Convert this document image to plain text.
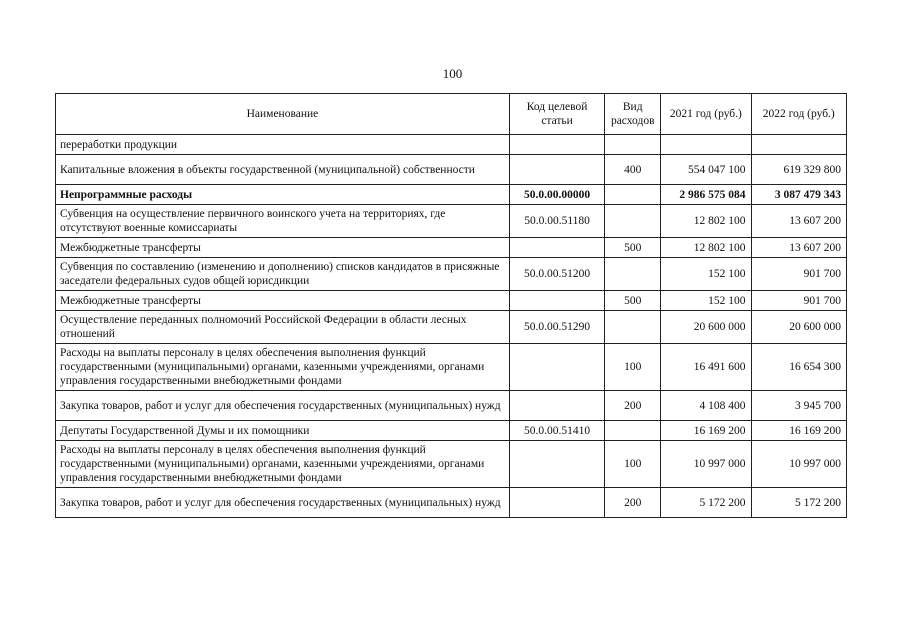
100
Наименование	Код целевой статьи	Вид расходов	2021 год (руб.)	2022 год (руб.)
переработки продукции				
Капитальные вложения в объекты государственной (муниципальной) собственности		400	554 047 100	619 329 800
Непрограммные расходы	50.0.00.00000		2 986 575 084	3 087 479 343
Субвенция на осуществление первичного воинского учета на территориях, где отсутствуют военные комиссариаты	50.0.00.51180		12 802 100	13 607 200
Межбюджетные трансферты		500	12 802 100	13 607 200
Субвенция по составлению (изменению и дополнению) списков кандидатов в присяжные заседатели федеральных судов общей юрисдикции	50.0.00.51200		152 100	901 700
Межбюджетные трансферты		500	152 100	901 700
Осуществление переданных полномочий Российской Федерации в области лесных отношений	50.0.00.51290		20 600 000	20 600 000
Расходы на выплаты персоналу в целях обеспечения выполнения функций государственными (муниципальными) органами, казенными учреждениями, органами управления государственными внебюджетными фондами		100	16 491 600	16 654 300
Закупка товаров, работ и услуг для обеспечения государственных (муниципальных) нужд		200	4 108 400	3 945 700
Депутаты Государственной Думы и их помощники	50.0.00.51410		16 169 200	16 169 200
Расходы на выплаты персоналу в целях обеспечения выполнения функций государственными (муниципальными) органами, казенными учреждениями, органами управления государственными внебюджетными фондами		100	10 997 000	10 997 000
Закупка товаров, работ и услуг для обеспечения государственных (муниципальных) нужд		200	5 172 200	5 172 200
